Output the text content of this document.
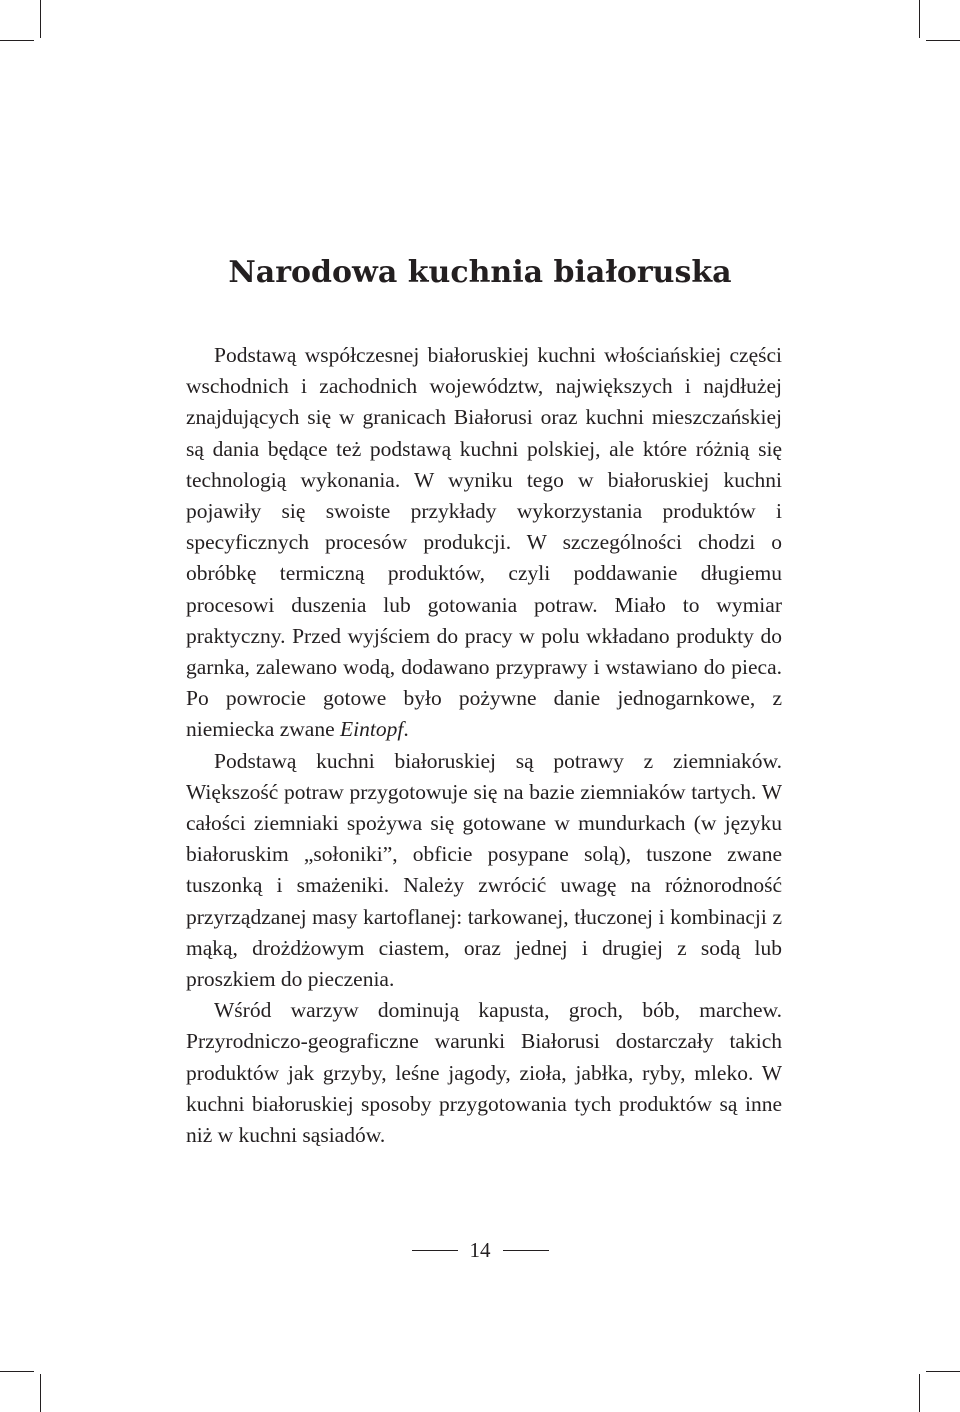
Narodowa kuchnia białoruska

Podstawą współczesnej białoruskiej kuchni włościańskiej części wschodnich i zachodnich województw, największych i najdłużej znajdujących się w granicach Białorusi oraz kuchni mieszczańskiej są dania będące też podstawą kuchni polskiej, ale które różnią się technologią wykonania. W wyniku tego w białoruskiej kuchni pojawiły się swoiste przykłady wykorzystania produktów i specyficznych procesów produkcji. W szczególności chodzi o obróbkę termiczną produktów, czyli poddawanie długiemu procesowi duszenia lub gotowania potraw. Miało to wymiar praktyczny. Przed wyjściem do pracy w polu wkładano produkty do garnka, zalewano wodą, dodawano przyprawy i wstawiano do pieca. Po powrocie gotowe było pożywne danie jednogarnkowe, z niemiecka zwane Eintopf.

Podstawą kuchni białoruskiej są potrawy z ziemniaków. Większość potraw przygotowuje się na bazie ziemniaków tartych. W całości ziemniaki spożywa się gotowane w mundurkach (w języku białoruskim „sołoniki”, obficie posypane solą), tuszone zwane tuszonką i smażeniki. Należy zwrócić uwagę na różnorodność przyrządzanej masy kartoflanej: tarkowanej, tłuczonej i kombinacji z mąką, drożdżowym ciastem, oraz jednej i drugiej z sodą lub proszkiem do pieczenia.

Wśród warzyw dominują kapusta, groch, bób, marchew. Przyrodniczo-geograficzne warunki Białorusi dostarczały takich produktów jak grzyby, leśne jagody, zioła, jabłka, ryby, mleko. W kuchni białoruskiej sposoby przygotowania tych produktów są inne niż w kuchni sąsiadów.

14
